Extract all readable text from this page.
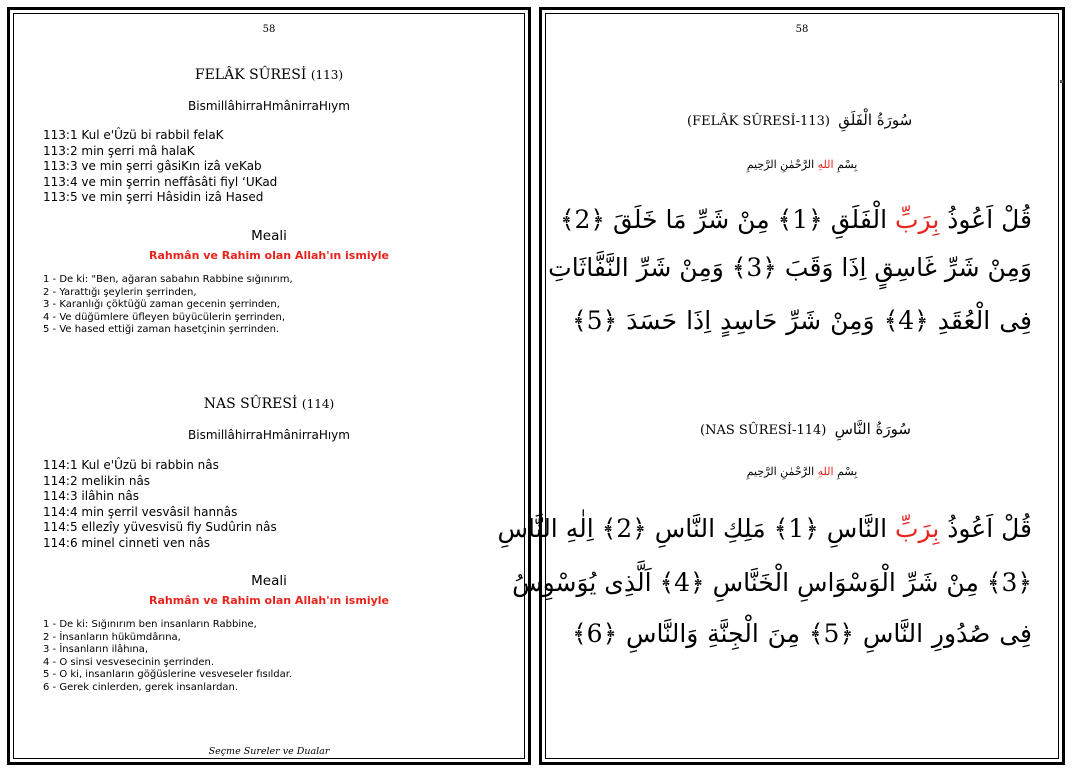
58
FELÂK SÛRESİ (113)
BismillâhirraHmânirraHıym
113:1 Kul e'Ûzü bi rabbil felaK
113:2 min şerri mâ halaK
113:3 ve min şerri gâsiKın izâ veKab
113:4 ve min şerrin neffâsâti fiyl ‘UKad
113:5 ve min şerri Hâsidin izâ Hased
Meali
Rahmân ve Rahim olan Allah'ın ismiyle
1 - De ki: "Ben, ağaran sabahın Rabbine sığınırım,
2 - Yarattığı şeylerin şerrinden,
3 - Karanlığı çöktüğü zaman gecenin şerrinden,
4 - Ve düğümlere üfleyen büyücülerin şerrinden,
5 - Ve hased ettiği zaman hasetçinin şerrinden.
NAS SÛRESİ (114)
BismillâhirraHmânirraHıym
114:1 Kul e'Ûzü bi rabbin nâs
114:2 melikin nâs
114:3 ilâhin nâs
114:4 min şerril vesvâsil hannâs
114:5 ellezîy yüvesvisü fiy Sudûrin nâs
114:6 minel cinneti ven nâs
Meali
Rahmân ve Rahim olan Allah'ın ismiyle
1 - De ki: Sığınırım ben insanların Rabbine,
2 - İnsanların hükümdârına,
3 - İnsanların ilâhına,
4 - O sinsi vesvesecinin şerrinden.
5 - O ki, insanların göğüslerine vesveseler fısıldar.
6 - Gerek cinlerden, gerek insanlardan.
Seçme Sureler ve Dualar
58
(FELÂK SÛRESİ-113) سُورَةُ الْفَلَقِ
بِسْمِ اللهِ الرَّحْمٰنِ الرَّحِيمِ
قُلْ اَعُوذُ بِرَبِّ الْفَلَقِ ﴿1﴾ مِنْ شَرِّ مَا خَلَقَ ﴿2﴾
وَمِنْ شَرِّ غَاسِقٍ اِذَا وَقَبَ ﴿3﴾ وَمِنْ شَرِّ النَّفَّاثَاتِ
فِى الْعُقَدِ ﴿4﴾ وَمِنْ شَرِّ حَاسِدٍ اِذَا حَسَدَ ﴿5﴾
(NAS SÛRESİ-114) سُورَةُ النَّاسِ
بِسْمِ اللهِ الرَّحْمٰنِ الرَّحِيمِ
قُلْ اَعُوذُ بِرَبِّ النَّاسِ ﴿1﴾ مَلِكِ النَّاسِ ﴿2﴾ اِلٰهِ النَّاسِ
﴿3﴾ مِنْ شَرِّ الْوَسْوَاسِ الْخَنَّاسِ ﴿4﴾ اَلَّذِى يُوَسْوِسُ
فِى صُدُورِ النَّاسِ ﴿5﴾ مِنَ الْجِنَّةِ وَالنَّاسِ ﴿6﴾
